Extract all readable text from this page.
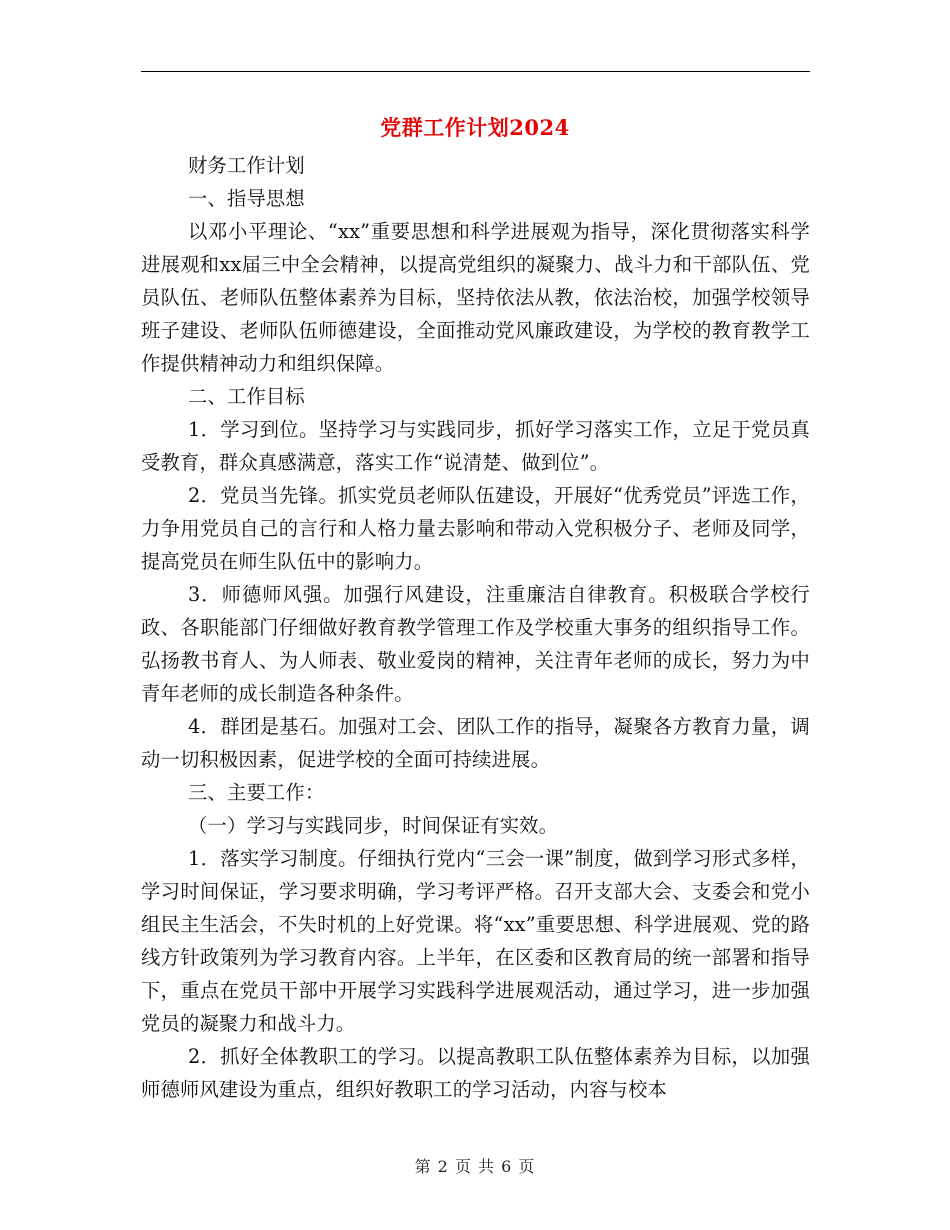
党群工作计划2024

财务工作计划

一、指导思想

以邓小平理论、“xx”重要思想和科学进展观为指导，深化贯彻落实科学进展观和xx届三中全会精神，以提高党组织的凝聚力、战斗力和干部队伍、党员队伍、老师队伍整体素养为目标，坚持依法从教，依法治校，加强学校领导班子建设、老师队伍师德建设，全面推动党风廉政建设，为学校的教育教学工作提供精神动力和组织保障。

二、工作目标

1．学习到位。坚持学习与实践同步，抓好学习落实工作，立足于党员真受教育，群众真感满意，落实工作“说清楚、做到位”。

2．党员当先锋。抓实党员老师队伍建设，开展好“优秀党员”评选工作，力争用党员自己的言行和人格力量去影响和带动入党积极分子、老师及同学，提高党员在师生队伍中的影响力。

3．师德师风强。加强行风建设，注重廉洁自律教育。积极联合学校行政、各职能部门仔细做好教育教学管理工作及学校重大事务的组织指导工作。弘扬教书育人、为人师表、敬业爱岗的精神，关注青年老师的成长，努力为中青年老师的成长制造各种条件。

4．群团是基石。加强对工会、团队工作的指导，凝聚各方教育力量，调动一切积极因素，促进学校的全面可持续进展。

三、主要工作：

（一）学习与实践同步，时间保证有实效。

1．落实学习制度。仔细执行党内“三会一课”制度，做到学习形式多样，学习时间保证，学习要求明确，学习考评严格。召开支部大会、支委会和党小组民主生活会，不失时机的上好党课。将“xx”重要思想、科学进展观、党的路线方针政策列为学习教育内容。上半年，在区委和区教育局的统一部署和指导下，重点在党员干部中开展学习实践科学进展观活动，通过学习，进一步加强党员的凝聚力和战斗力。

2．抓好全体教职工的学习。以提高教职工队伍整体素养为目标，以加强师德师风建设为重点，组织好教职工的学习活动，内容与校本

第 2 页 共 6 页
